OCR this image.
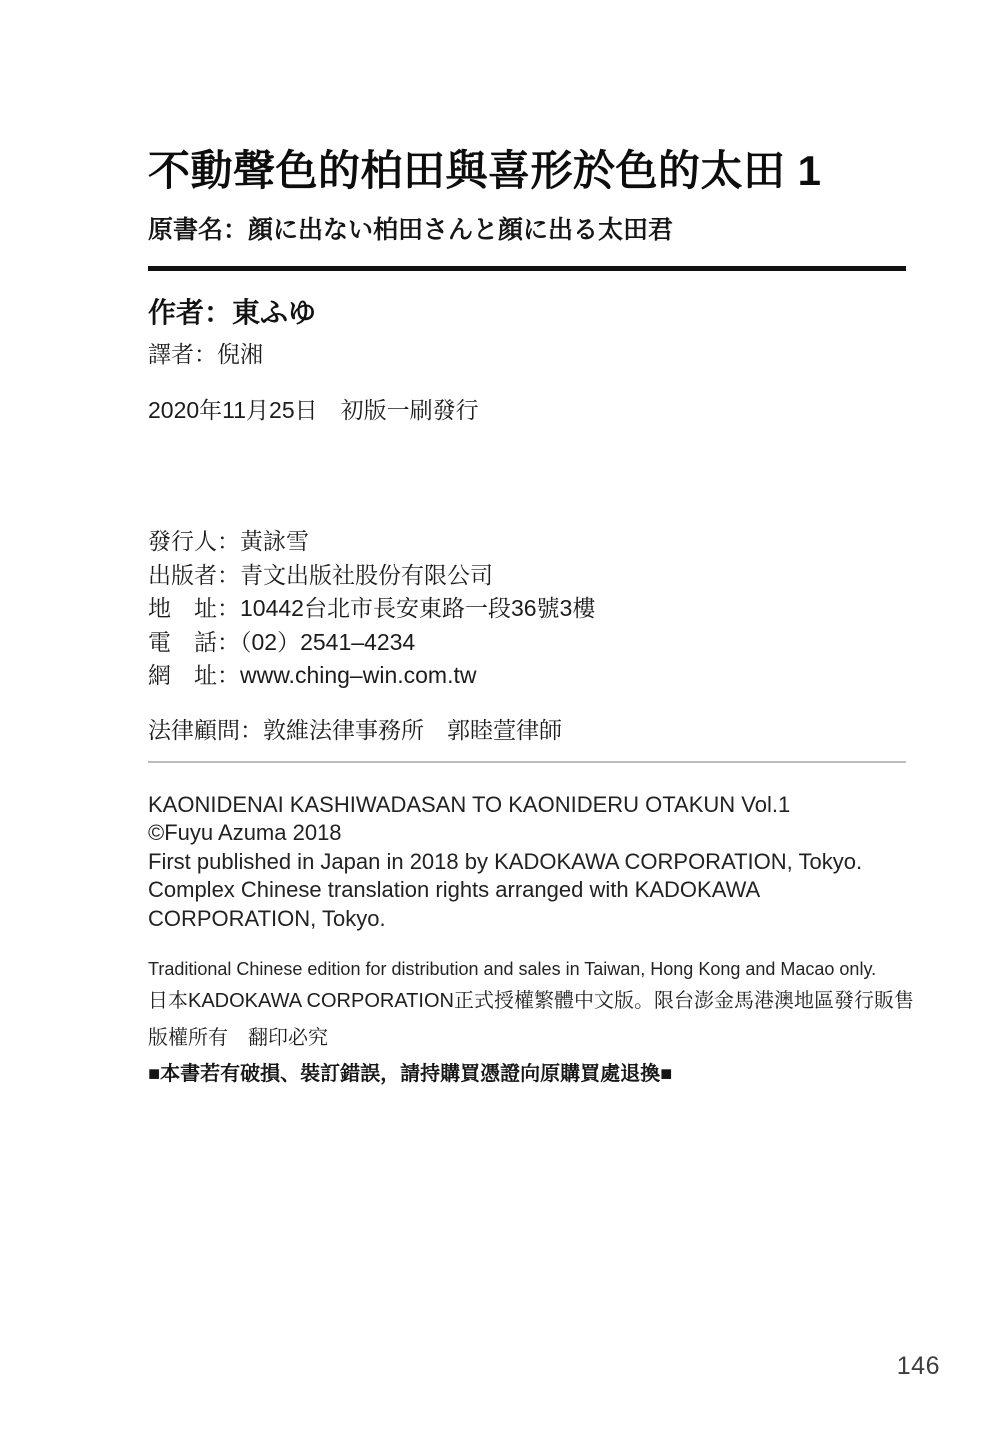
不動聲色的柏田與喜形於色的太田 1
原書名：顔に出ない柏田さんと顔に出る太田君
作者：東ふゆ
譯者：倪湘
2020年11月25日　初版一刷發行
發行人：黃詠雪
出版者：青文出版社股份有限公司
地　址：10442台北市長安東路一段36號3樓
電　話：（02）2541–4234
網　址：www.ching–win.com.tw
法律顧問：敦維法律事務所　郭睦萱律師
KAONIDENAI KASHIWADASAN TO KAONIDERU OTAKUN Vol.1
©Fuyu Azuma 2018
First published in Japan in 2018 by KADOKAWA CORPORATION, Tokyo.
Complex Chinese translation rights arranged with KADOKAWA
CORPORATION, Tokyo.
Traditional Chinese edition for distribution and sales in Taiwan, Hong Kong and Macao only.
日本KADOKAWA CORPORATION正式授權繁體中文版。限台澎金馬港澳地區發行販售
版權所有　翻印必究
■本書若有破損、裝訂錯誤，請持購買憑證向原購買處退換■
146
